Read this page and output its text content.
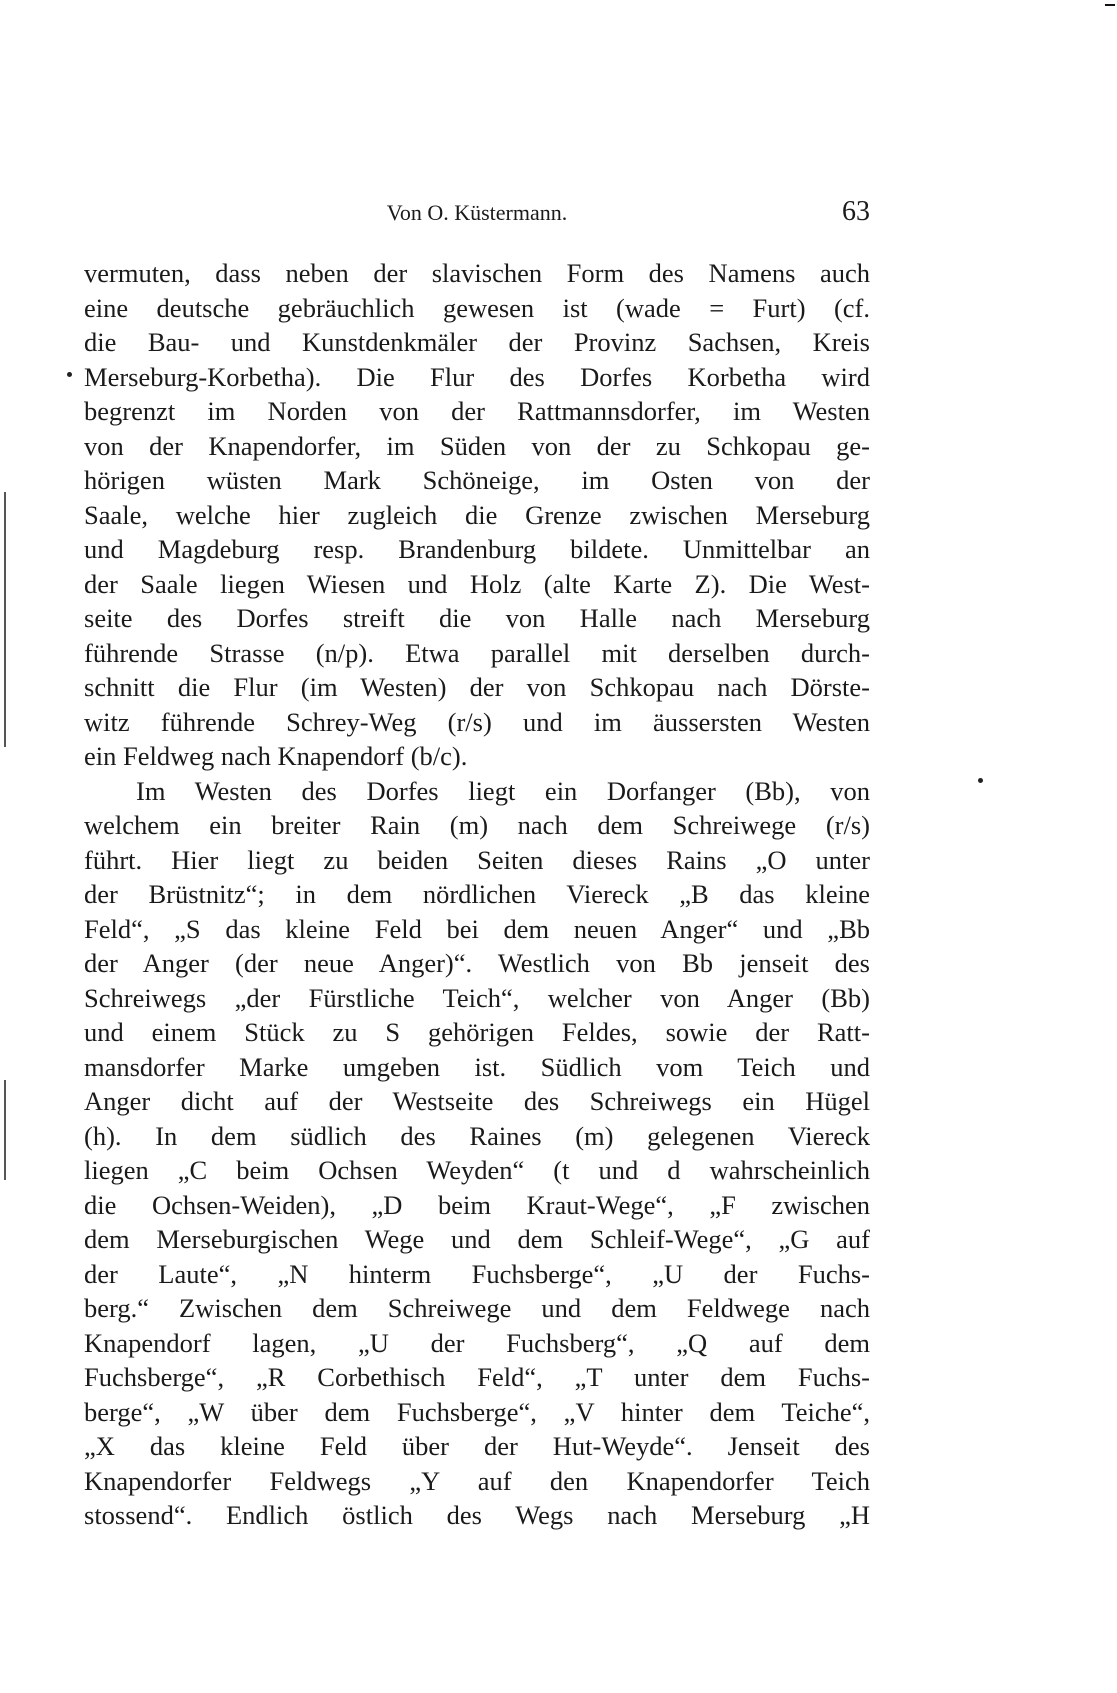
Von O. Küstermann.	63
vermuten, dass neben der slavischen Form des Namens auch
eine deutsche gebräuchlich gewesen ist (wade = Furt) (cf.
die Bau- und Kunstdenkmäler der Provinz Sachsen, Kreis
Merseburg-Korbetha). Die Flur des Dorfes Korbetha wird
begrenzt im Norden von der Rattmannsdorfer, im Westen
von der Knapendorfer, im Süden von der zu Schkopau ge-
hörigen wüsten Mark Schöneige, im Osten von der
Saale, welche hier zugleich die Grenze zwischen Merseburg
und Magdeburg resp. Brandenburg bildete. Unmittelbar an
der Saale liegen Wiesen und Holz (alte Karte Z). Die West-
seite des Dorfes streift die von Halle nach Merseburg
führende Strasse (n/p). Etwa parallel mit derselben durch-
schnitt die Flur (im Westen) der von Schkopau nach Dörste-
witz führende Schrey-Weg (r/s) und im äussersten Westen
ein Feldweg nach Knapendorf (b/c).
Im Westen des Dorfes liegt ein Dorfanger (Bb), von
welchem ein breiter Rain (m) nach dem Schreiwege (r/s)
führt. Hier liegt zu beiden Seiten dieses Rains „O unter
der Brüstnitz“; in dem nördlichen Viereck „B das kleine
Feld“, „S das kleine Feld bei dem neuen Anger“ und „Bb
der Anger (der neue Anger)“. Westlich von Bb jenseit des
Schreiwegs „der Fürstliche Teich“, welcher von Anger (Bb)
und einem Stück zu S gehörigen Feldes, sowie der Ratt-
mansdorfer Marke umgeben ist. Südlich vom Teich und
Anger dicht auf der Westseite des Schreiwegs ein Hügel
(h). In dem südlich des Raines (m) gelegenen Viereck
liegen „C beim Ochsen Weyden“ (t und d wahrscheinlich
die Ochsen-Weiden), „D beim Kraut-Wege“, „F zwischen
dem Merseburgischen Wege und dem Schleif-Wege“, „G auf
der Laute“, „N hinterm Fuchsberge“, „U der Fuchs-
berg.“ Zwischen dem Schreiwege und dem Feldwege nach
Knapendorf lagen, „U der Fuchsberg“, „Q auf dem
Fuchsberge“, „R Corbethisch Feld“, „T unter dem Fuchs-
berge“, „W über dem Fuchsberge“, „V hinter dem Teiche“,
„X das kleine Feld über der Hut-Weyde“. Jenseit des
Knapendorfer Feldwegs „Y auf den Knapendorfer Teich
stossend“. Endlich östlich des Wegs nach Merseburg „H
